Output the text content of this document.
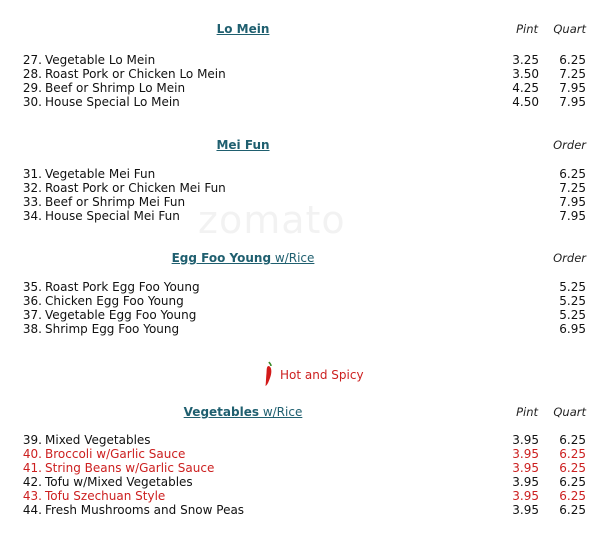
zomato
Lo Mein	Pint	Quart
27. Vegetable Lo Mein	3.25	6.25
28. Roast Pork or Chicken Lo Mein	3.50	7.25
29. Beef or Shrimp Lo Mein	4.25	7.95
30. House Special Lo Mein	4.50	7.95
Mei Fun	Order
31. Vegetable Mei Fun	6.25
32. Roast Pork or Chicken Mei Fun	7.25
33. Beef or Shrimp Mei Fun	7.95
34. House Special Mei Fun	7.95
Egg Foo Young w/Rice	Order
35. Roast Pork Egg Foo Young	5.25
36. Chicken Egg Foo Young	5.25
37. Vegetable Egg Foo Young	5.25
38. Shrimp Egg Foo Young	6.95
Hot and Spicy
Vegetables w/Rice	Pint	Quart
39. Mixed Vegetables	3.95	6.25
40. Broccoli w/Garlic Sauce	3.95	6.25
41. String Beans w/Garlic Sauce	3.95	6.25
42. Tofu w/Mixed Vegetables	3.95	6.25
43. Tofu Szechuan Style	3.95	6.25
44. Fresh Mushrooms and Snow Peas	3.95	6.25
